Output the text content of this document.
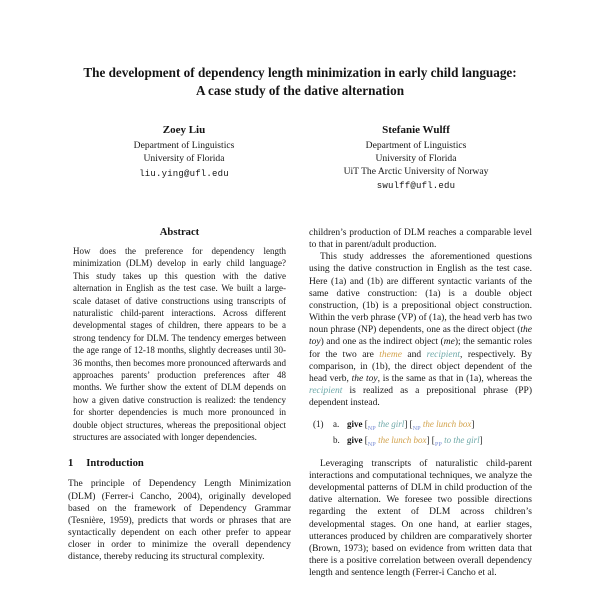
The development of dependency length minimization in early child language: A case study of the dative alternation
Zoey Liu
Department of Linguistics
University of Florida
liu.ying@ufl.edu
Stefanie Wulff
Department of Linguistics
University of Florida
UiT The Arctic University of Norway
swulff@ufl.edu
Abstract

How does the preference for dependency length minimization (DLM) develop in early child language? This study takes up this question with the dative alternation in English as the test case. We built a large-scale dataset of dative constructions using transcripts of naturalistic child-parent interactions. Across different developmental stages of children, there appears to be a strong tendency for DLM. The tendency emerges between the age range of 12-18 months, slightly decreases until 30-36 months, then becomes more pronounced afterwards and approaches parents’ production preferences after 48 months. We further show the extent of DLM depends on how a given dative construction is realized: the tendency for shorter dependencies is much more pronounced in double object structures, whereas the prepositional object structures are associated with longer dependencies.

1 Introduction

The principle of Dependency Length Minimization (DLM) (Ferrer-i Cancho, 2004), originally developed based on the framework of Dependency Grammar (Tesnière, 1959), predicts that words or phrases that are syntactically dependent on each other prefer to appear closer in order to minimize the overall dependency distance, thereby reducing its structural complexity.

children’s production of DLM reaches a comparable level to that in parent/adult production.

This study addresses the aforementioned questions using the dative construction in English as the test case. Here (1a) and (1b) are different syntactic variants of the same dative construction: (1a) is a double object construction, (1b) is a prepositional object construction. Within the verb phrase (VP) of (1a), the head verb has two noun phrase (NP) dependents, one as the direct object (the toy) and one as the indirect object (me); the semantic roles for the two are theme and recipient, respectively. By comparison, in (1b), the direct object dependent of the head verb, the toy, is the same as that in (1a), whereas the recipient is realized as a prepositional phrase (PP) dependent instead.

(1)	a. give [$_{NP}$ the girl] [$_{NP}$ the lunch box]
b. give [$_{NP}$ the lunch box] [$_{PP}$ to the girl]

Leveraging transcripts of naturalistic child-parent interactions and computational techniques, we analyze the developmental patterns of DLM in child production of the dative alternation. We foresee two possible directions regarding the extent of DLM across children’s developmental stages. On one hand, at earlier stages, utterances produced by children are comparatively shorter (Brown, 1973); based on evidence from written data that there is a positive correlation between overall dependency length and sentence length (Ferrer-i Cancho et al.
